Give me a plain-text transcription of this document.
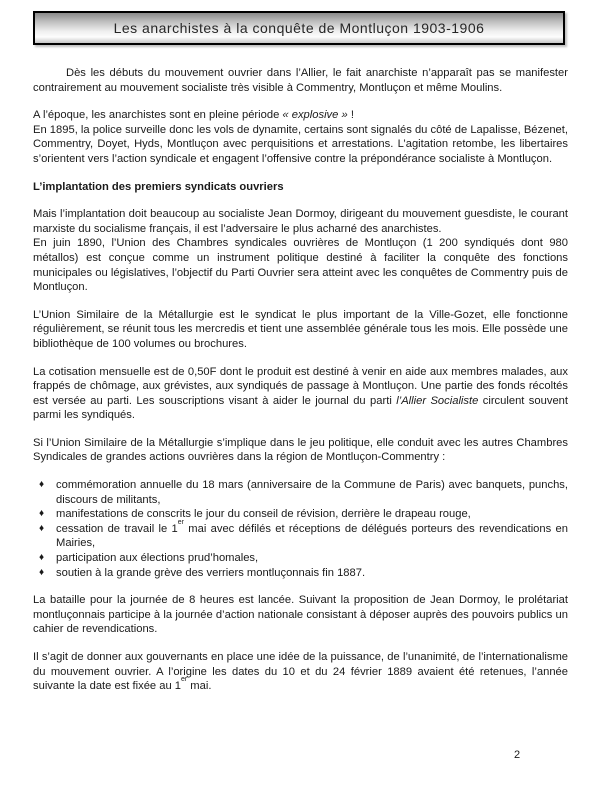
Les anarchistes à la conquête de Montluçon 1903-1906

Dès les débuts du mouvement ouvrier dans l’Allier, le fait anarchiste n’apparaît pas se manifester contrairement au mouvement socialiste très visible à Commentry, Montluçon et même Moulins.

A l’époque, les anarchistes sont en pleine période « explosive » !

En 1895, la police surveille donc les vols de dynamite, certains sont signalés du côté de Lapalisse, Bézenet, Commentry, Doyet, Hyds, Montluçon avec perquisitions et arrestations. L’agitation retombe, les libertaires s’orientent vers l’action syndicale et engagent l’offensive contre la prépondérance socialiste à Montluçon.

L’implantation des premiers syndicats ouvriers

Mais l’implantation doit beaucoup au socialiste Jean Dormoy, dirigeant du mouvement guesdiste, le courant marxiste du socialisme français, il est l’adversaire le plus acharné des anarchistes.

En juin 1890, l’Union des Chambres syndicales ouvrières de Montluçon (1 200 syndiqués dont 980 métallos) est conçue comme un instrument politique destiné à faciliter la conquête des fonctions municipales ou législatives, l’objectif du Parti Ouvrier sera atteint avec les conquêtes de Commentry puis de Montluçon.

L’Union Similaire de la Métallurgie est le syndicat le plus important de la Ville-Gozet, elle fonctionne régulièrement, se réunit tous les mercredis et tient une assemblée générale tous les mois. Elle possède une bibliothèque de 100 volumes ou brochures.

La cotisation mensuelle est de 0,50F dont le produit est destiné à venir en aide aux membres malades, aux frappés de chômage, aux grévistes, aux syndiqués de passage à Montluçon. Une partie des fonds récoltés est versée au parti. Les souscriptions visant à aider le journal du parti l’Allier Socialiste circulent souvent parmi les syndiqués.

Si l’Union Similaire de la Métallurgie s’implique dans le jeu politique, elle conduit avec les autres Chambres Syndicales de grandes actions ouvrières dans la région de Montluçon-Commentry :

♦	commémoration annuelle du 18 mars (anniversaire de la Commune de Paris) avec banquets, punchs, discours de militants,
♦	manifestations de conscrits le jour du conseil de révision, derrière le drapeau rouge,
♦	cessation de travail le 1er mai avec défilés et réceptions de délégués porteurs des revendications en Mairies,
♦	participation aux élections prud’homales,
♦	soutien à la grande grève des verriers montluçonnais fin 1887.

La bataille pour la journée de 8 heures est lancée. Suivant la proposition de Jean Dormoy, le prolétariat montluçonnais participe à la journée d’action nationale consistant à déposer auprès des pouvoirs publics un cahier de revendications.

Il s’agit de donner aux gouvernants en place une idée de la puissance, de l’unanimité, de l’internationalisme du mouvement ouvrier. A l’origine les dates du 10 et du 24 février 1889 avaient été retenues, l’année suivante la date est fixée au 1er mai.

2
